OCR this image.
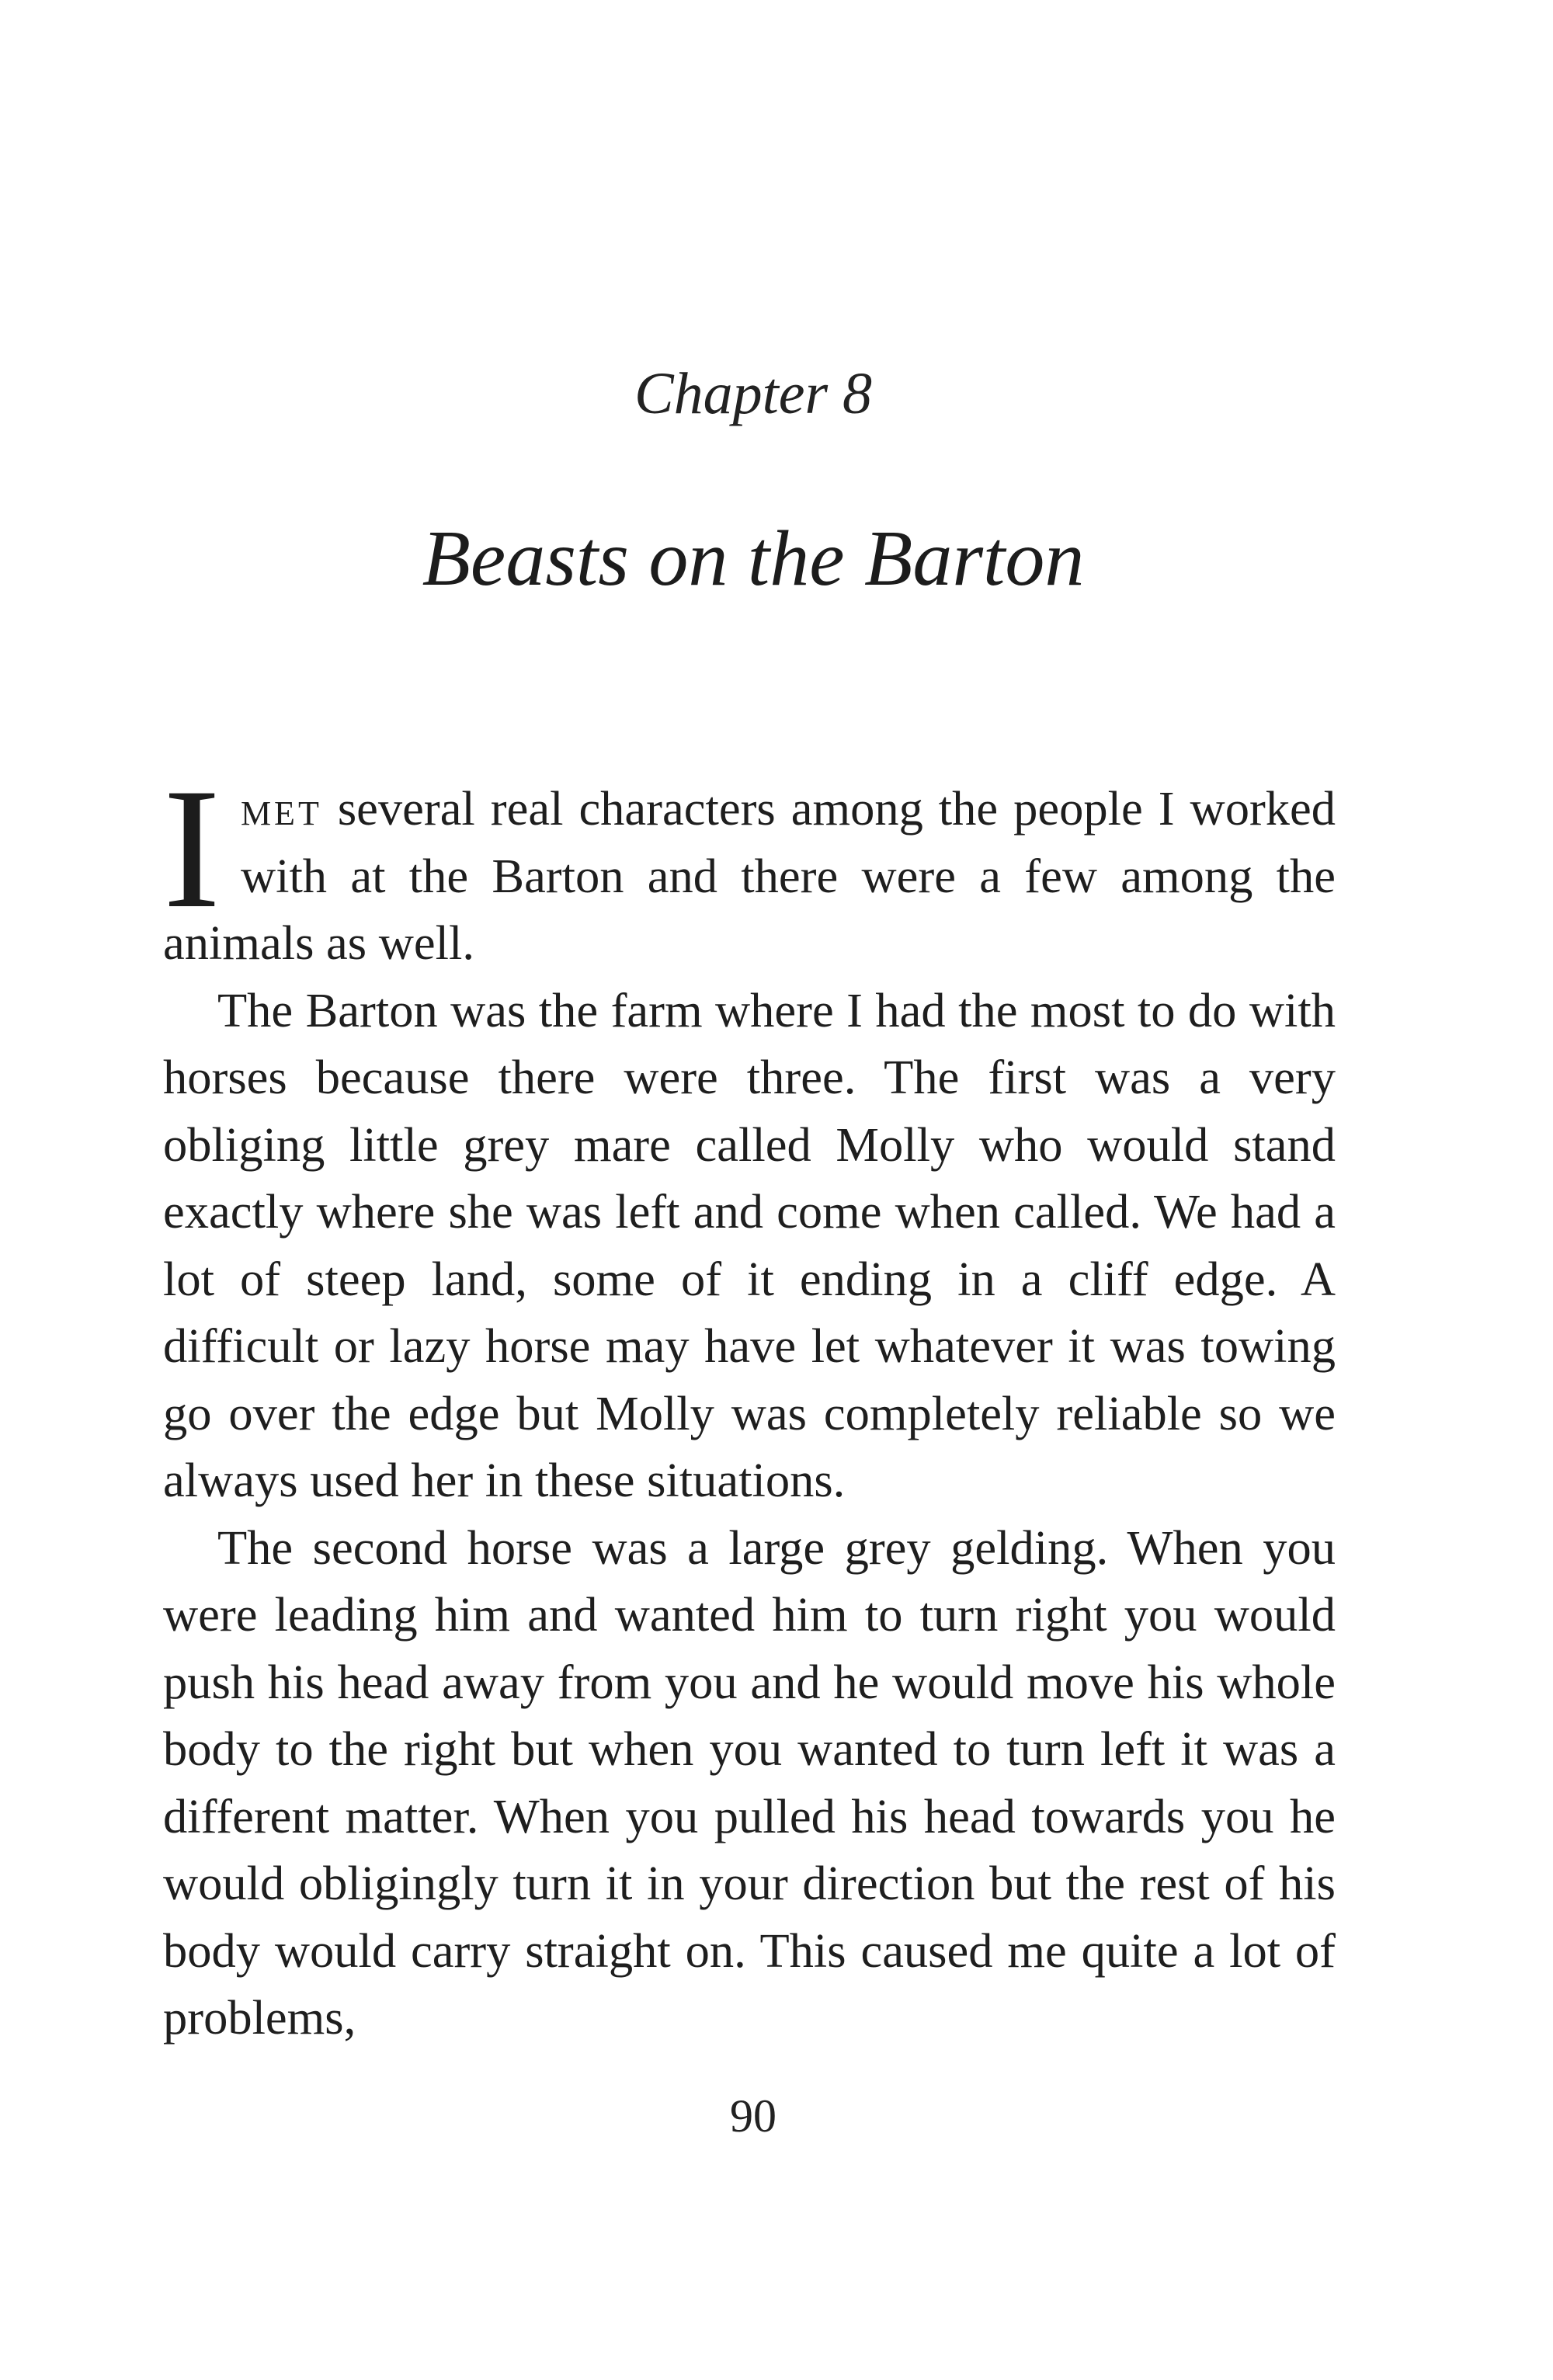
Chapter 8
Beasts on the Barton

Imet several real characters among the people I worked with at the Barton and there were a few among the animals as well.

The Barton was the farm where I had the most to do with horses because there were three. The first was a very obliging little grey mare called Molly who would stand exactly where she was left and come when called. We had a lot of steep land, some of it ending in a cliff edge. A difficult or lazy horse may have let whatever it was towing go over the edge but Molly was completely reliable so we always used her in these situations.

The second horse was a large grey gelding. When you were leading him and wanted him to turn right you would push his head away from you and he would move his whole body to the right but when you wanted to turn left it was a different matter. When you pulled his head towards you he would obligingly turn it in your direction but the rest of his body would carry straight on. This caused me quite a lot of problems,

90
